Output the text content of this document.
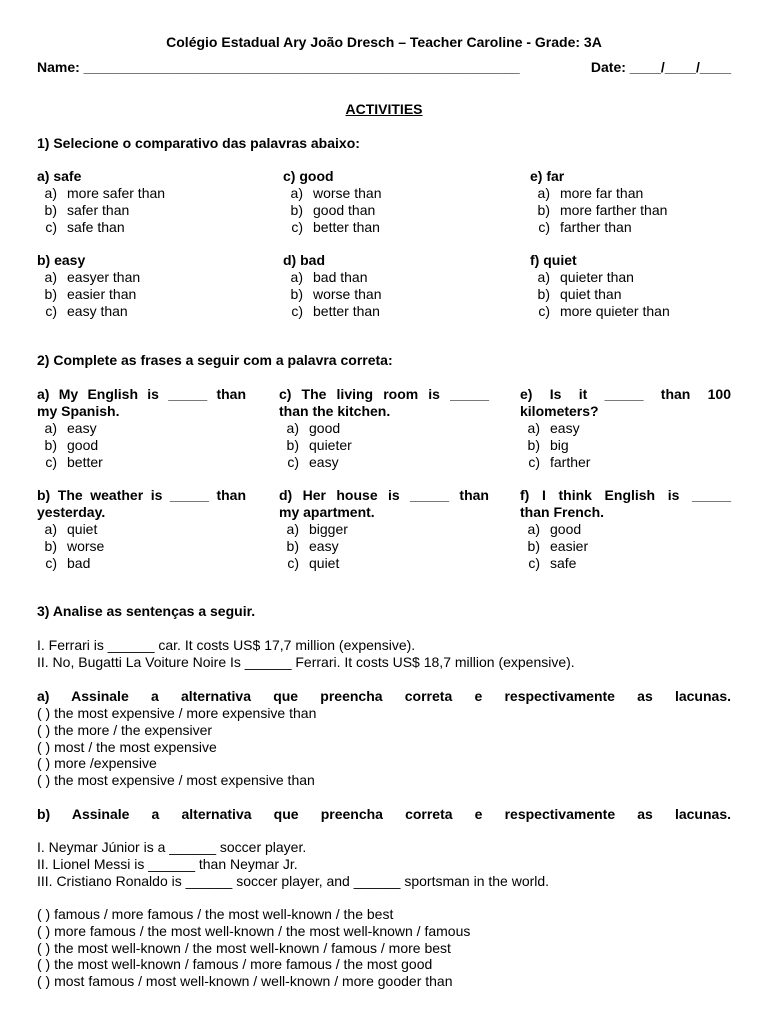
Colégio Estadual Ary João Dresch – Teacher Caroline - Grade: 3A
Name: ________________________________________________________	Date: ____/____/____
ACTIVITIES
1) Selecione o comparativo das palavras abaixo:
a) safe
a) more safer than
b) safer than
c) safe than
c) good
a) worse than
b) good than
c) better than
e) far
a) more far than
b) more farther than
c) farther than
b) easy
a) easyer than
b) easier than
c) easy than
d) bad
a) bad than
b) worse than
c) better than
f) quiet
a) quieter than
b) quiet than
c) more quieter than
2) Complete as frases a seguir com a palavra correta:
a) My English is _____ than
my Spanish.
a) easy
b) good
c) better
c) The living room is _____
than the kitchen.
a) good
b) quieter
c) easy
e) Is it _____ than 100
kilometers?
a) easy
b) big
c) farther
b) The weather is _____ than
yesterday.
a) quiet
b) worse
c) bad
d) Her house is _____ than
my apartment.
a) bigger
b) easy
c) quiet
f) I think English is _____
than French.
a) good
b) easier
c) safe
3) Analise as sentenças a seguir.
I. Ferrari is ______ car. It costs US$ 17,7 million (expensive).
II. No, Bugatti La Voiture Noire Is ______ Ferrari. It costs US$ 18,7 million (expensive).
a) Assinale a alternativa que preencha correta e respectivamente as lacunas.
( ) the most expensive / more expensive than
( ) the more / the expensiver
( ) most / the most expensive
( ) more /expensive
( ) the most expensive / most expensive than
b) Assinale a alternativa que preencha correta e respectivamente as lacunas.
I. Neymar Júnior is a ______ soccer player.
II. Lionel Messi is ______ than Neymar Jr.
III. Cristiano Ronaldo is ______ soccer player, and ______ sportsman in the world.
( ) famous / more famous / the most well-known / the best
( ) more famous / the most well-known / the most well-known / famous
( ) the most well-known / the most well-known / famous / more best
( ) the most well-known / famous / more famous / the most good
( ) most famous / most well-known / well-known / more gooder than
